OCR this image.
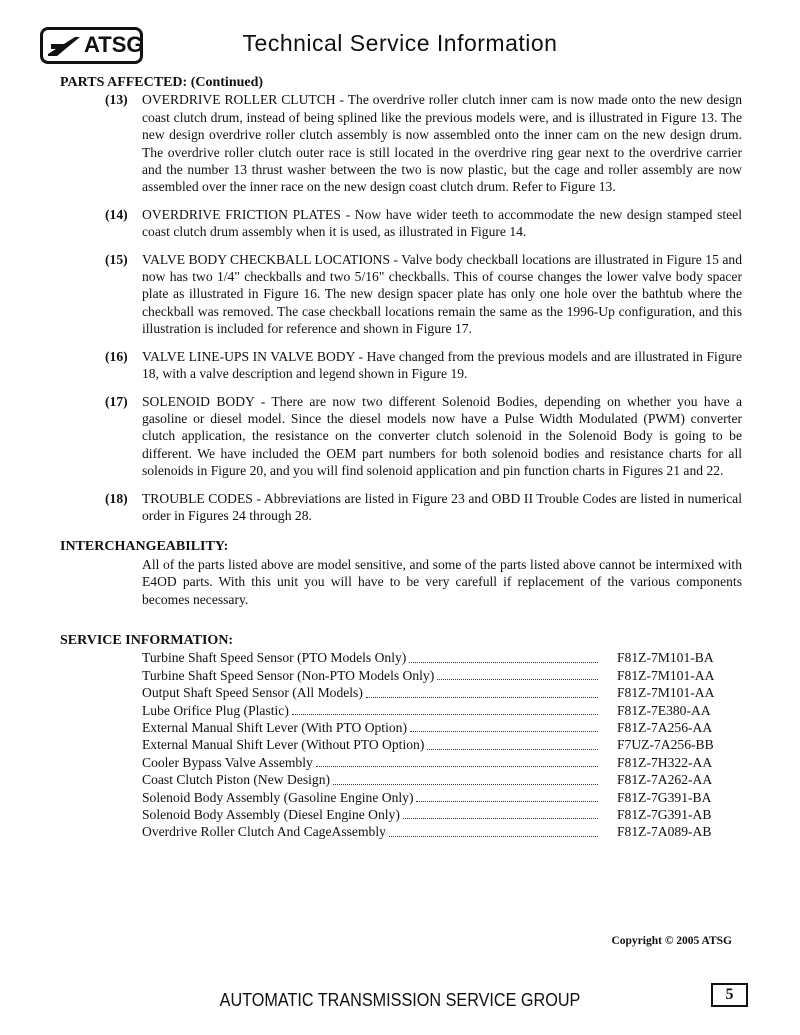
ATSG	Technical Service Information

PARTS AFFECTED: (Continued)

(13) OVERDRIVE ROLLER CLUTCH - The overdrive roller clutch inner cam is now made onto the new design coast clutch drum, instead of being splined like the previous models were, and is illustrated in Figure 13. The new design overdrive roller clutch assembly is now assembled onto the inner cam on the new design drum. The overdrive roller clutch outer race is still located in the overdrive ring gear next to the overdrive carrier and the number 13 thrust washer between the two is now plastic, but the cage and roller assembly are now assembled over the inner race on the new design coast clutch drum. Refer to Figure 13.
(14) OVERDRIVE FRICTION PLATES - Now have wider teeth to accommodate the new design stamped steel coast clutch drum assembly when it is used, as illustrated in Figure 14.
(15) VALVE BODY CHECKBALL LOCATIONS - Valve body checkball locations are illustrated in Figure 15 and now has two 1/4" checkballs and two 5/16" checkballs. This of course changes the lower valve body spacer plate as illustrated in Figure 16. The new design spacer plate has only one hole over the bathtub where the checkball was removed. The case checkball locations remain the same as the 1996-Up configuration, and this illustration is included for reference and shown in Figure 17.
(16) VALVE LINE-UPS IN VALVE BODY - Have changed from the previous models and are illustrated in Figure 18, with a valve description and legend shown in Figure 19.
(17) SOLENOID BODY - There are now two different Solenoid Bodies, depending on whether you have a gasoline or diesel model. Since the diesel models now have a Pulse Width Modulated (PWM) converter clutch application, the resistance on the converter clutch solenoid in the Solenoid Body is going to be different. We have included the OEM part numbers for both solenoid bodies and resistance charts for all solenoids in Figure 20, and you will find solenoid application and pin function charts in Figures 21 and 22.
(18) TROUBLE CODES - Abbreviations are listed in Figure 23 and OBD II Trouble Codes are listed in numerical order in Figures 24 through 28.

INTERCHANGEABILITY:

All of the parts listed above are model sensitive, and some of the parts listed above cannot be intermixed with E4OD parts. With this unit you will have to be very carefull if replacement of the various components becomes necessary.

SERVICE INFORMATION:

Turbine Shaft Speed Sensor (PTO Models Only)	F81Z-7M101-BA
Turbine Shaft Speed Sensor (Non-PTO Models Only)	F81Z-7M101-AA
Output Shaft Speed Sensor (All Models)	F81Z-7M101-AA
Lube Orifice Plug (Plastic)	F81Z-7E380-AA
External Manual Shift Lever (With PTO Option)	F81Z-7A256-AA
External Manual Shift Lever (Without PTO Option)	F7UZ-7A256-BB
Cooler Bypass Valve Assembly	F81Z-7H322-AA
Coast Clutch Piston (New Design)	F81Z-7A262-AA
Solenoid Body Assembly (Gasoline Engine Only)	F81Z-7G391-BA
Solenoid Body Assembly (Diesel Engine Only)	F81Z-7G391-AB
Overdrive Roller Clutch And CageAssembly	F81Z-7A089-AB
Copyright © 2005 ATSG
AUTOMATIC TRANSMISSION SERVICE GROUP	5
